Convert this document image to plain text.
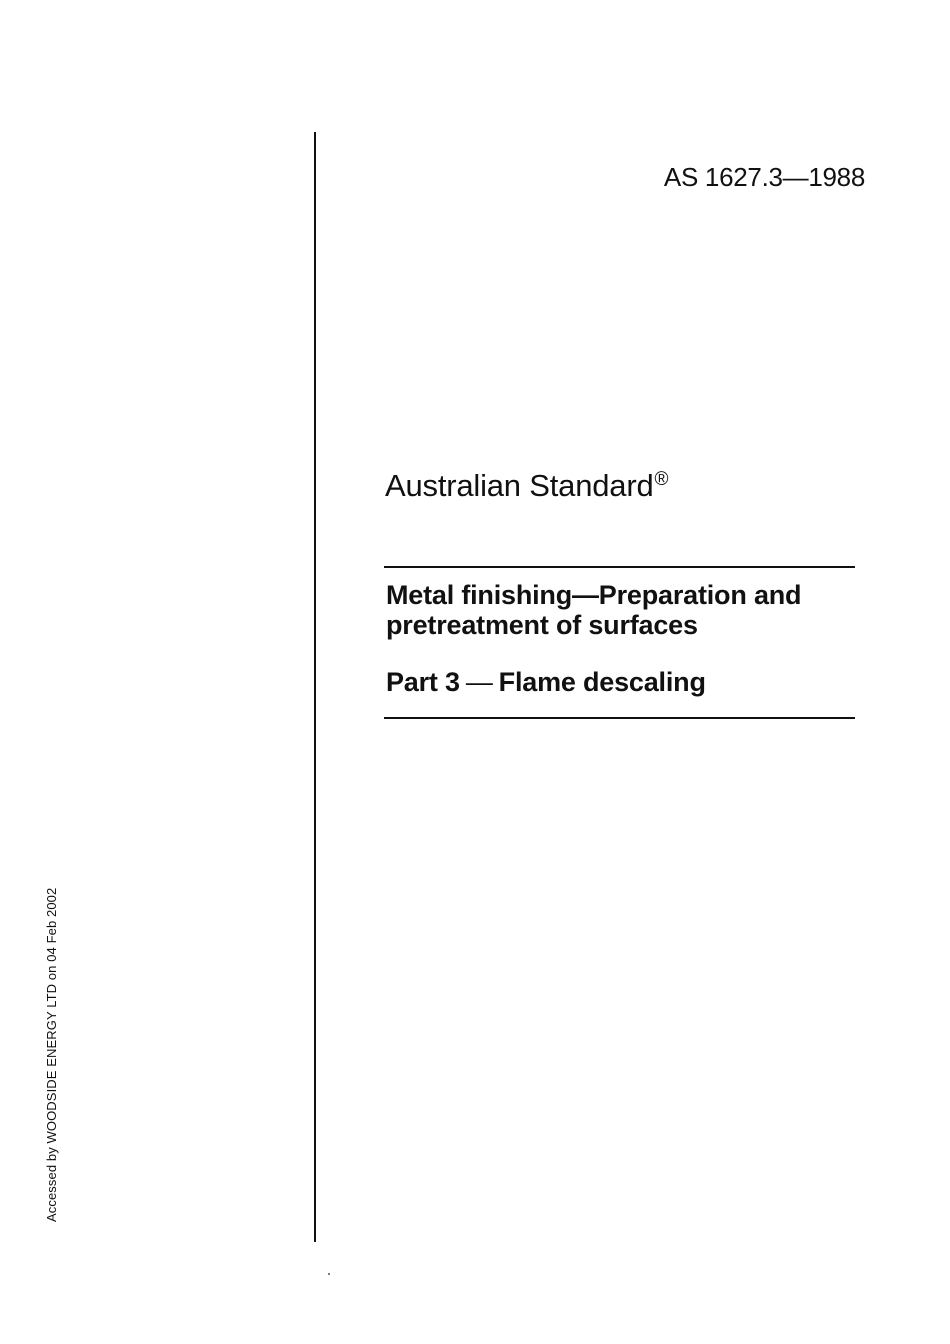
AS 1627.3—1988
Australian Standard®
Metal finishing—Preparation and pretreatment of surfaces
Part 3 — Flame descaling
Accessed by WOODSIDE ENERGY LTD on 04 Feb 2002
